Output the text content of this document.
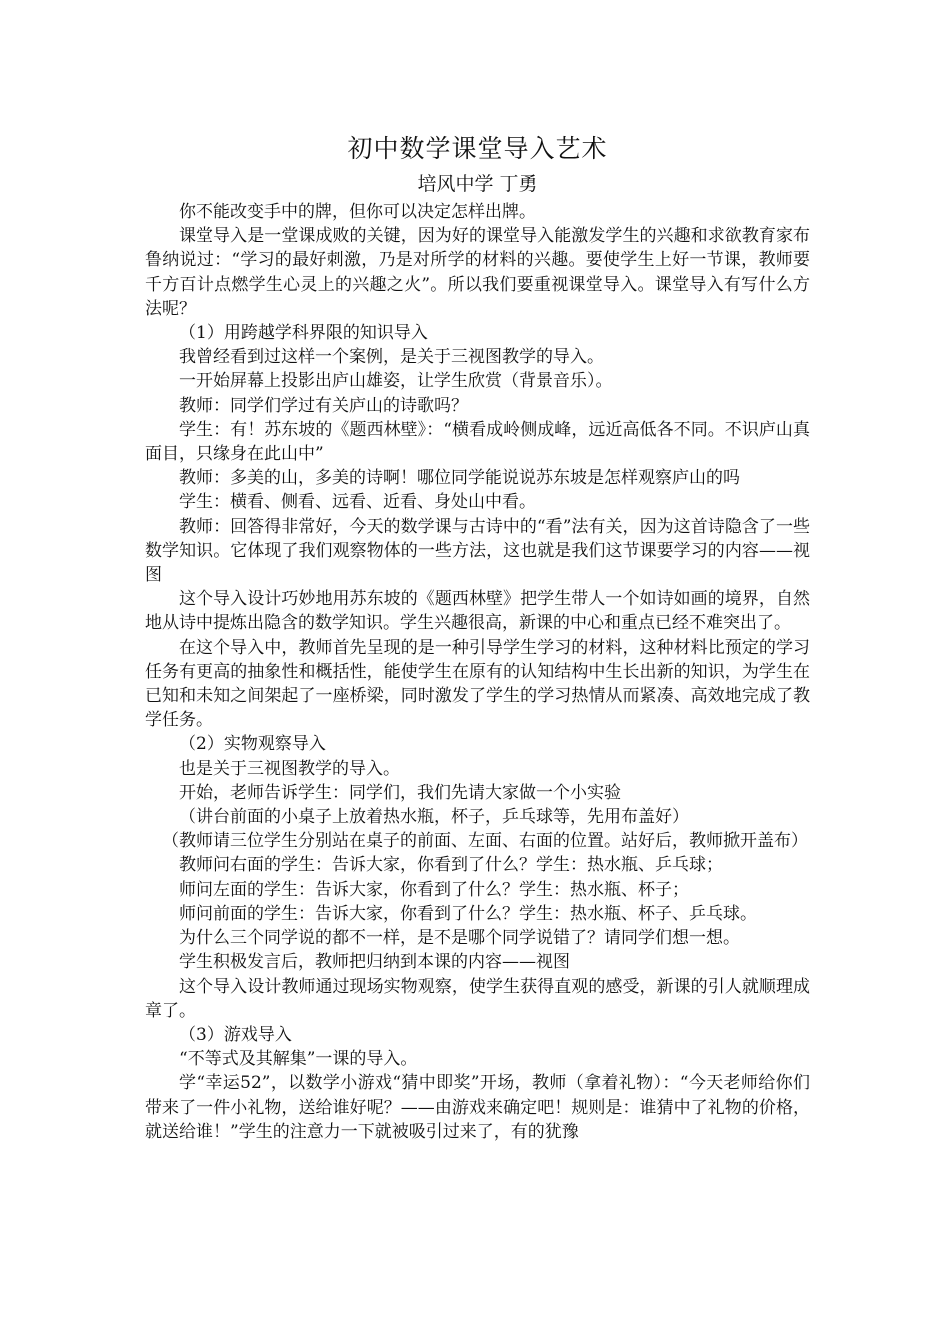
初中数学课堂导入艺术
培风中学 丁勇

你不能改变手中的牌，但你可以决定怎样出牌。

课堂导入是一堂课成败的关键，因为好的课堂导入能激发学生的兴趣和求欲教育家布鲁纳说过：“学习的最好刺激，乃是对所学的材料的兴趣。要使学生上好一节课，教师要千方百计点燃学生心灵上的兴趣之火”。所以我们要重视课堂导入。课堂导入有写什么方法呢？

（1）用跨越学科界限的知识导入

我曾经看到过这样一个案例，是关于三视图教学的导入。

一开始屏幕上投影出庐山雄姿，让学生欣赏（背景音乐）。

教师：同学们学过有关庐山的诗歌吗？

学生：有！苏东坡的《题西林壁》：“横看成岭侧成峰，远近高低各不同。不识庐山真面目，只缘身在此山中”

教师：多美的山，多美的诗啊！哪位同学能说说苏东坡是怎样观察庐山的吗

学生：横看、侧看、远看、近看、身处山中看。

教师：回答得非常好，今天的数学课与古诗中的“看”法有关，因为这首诗隐含了一些数学知识。它体现了我们观察物体的一些方法，这也就是我们这节课要学习的内容——视图

这个导入设计巧妙地用苏东坡的《题西林壁》把学生带人一个如诗如画的境界，自然地从诗中提炼出隐含的数学知识。学生兴趣很高，新课的中心和重点已经不难突出了。

在这个导入中，教师首先呈现的是一种引导学生学习的材料，这种材料比预定的学习任务有更高的抽象性和概括性，能使学生在原有的认知结构中生长出新的知识，为学生在已知和未知之间架起了一座桥梁，同时激发了学生的学习热情从而紧凑、高效地完成了教学任务。

（2）实物观察导入

也是关于三视图教学的导入。

开始，老师告诉学生：同学们，我们先请大家做一个小实验

（讲台前面的小桌子上放着热水瓶，杯子，乒乓球等，先用布盖好）

（教师请三位学生分别站在桌子的前面、左面、右面的位置。站好后，教师掀开盖布）

教师问右面的学生：告诉大家，你看到了什么？学生：热水瓶、乒乓球；

师问左面的学生：告诉大家，你看到了什么？学生：热水瓶、杯子；

师问前面的学生：告诉大家，你看到了什么？学生：热水瓶、杯子、乒乓球。

为什么三个同学说的都不一样，是不是哪个同学说错了？请同学们想一想。

学生积极发言后，教师把归纳到本课的内容——视图

这个导入设计教师通过现场实物观察，使学生获得直观的感受，新课的引人就顺理成章了。

（3）游戏导入

“不等式及其解集”一课的导入。

学“幸运52”，以数学小游戏“猜中即奖”开场，教师（拿着礼物）：“今天老师给你们带来了一件小礼物，送给谁好呢？——由游戏来确定吧！规则是：谁猜中了礼物的价格，就送给谁！”学生的注意力一下就被吸引过来了，有的犹豫
